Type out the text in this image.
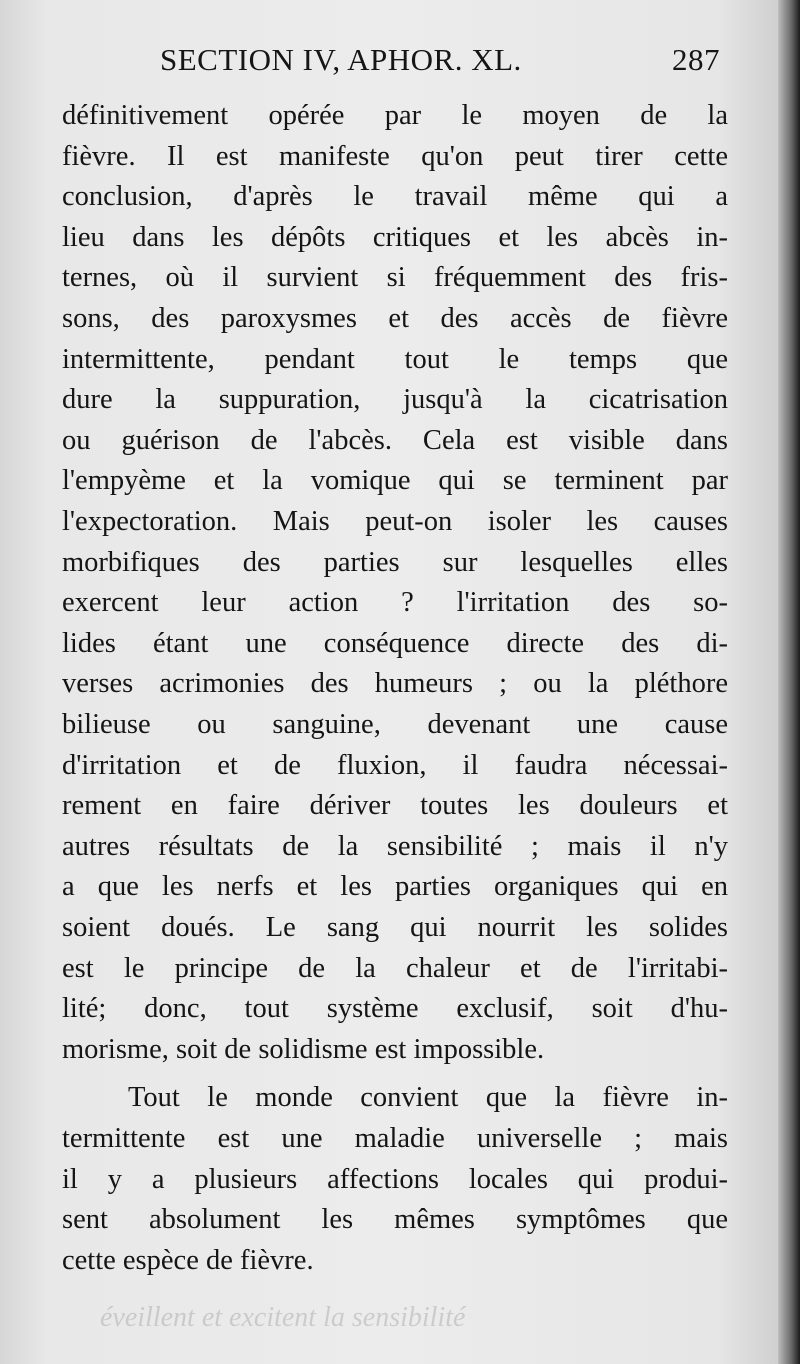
SECTION IV, APHOR. XL.	287
définitivement opérée par le moyen de la
fièvre. Il est manifeste qu'on peut tirer cette
conclusion, d'après le travail même qui a
lieu dans les dépôts critiques et les abcès in-
ternes, où il survient si fréquemment des fris-
sons, des paroxysmes et des accès de fièvre
intermittente, pendant tout le temps que
dure la suppuration, jusqu'à la cicatrisation
ou guérison de l'abcès. Cela est visible dans
l'empyème et la vomique qui se terminent par
l'expectoration. Mais peut-on isoler les causes
morbifiques des parties sur lesquelles elles
exercent leur action ? l'irritation des so-
lides étant une conséquence directe des di-
verses acrimonies des humeurs ; ou la pléthore
bilieuse ou sanguine, devenant une cause
d'irritation et de fluxion, il faudra nécessai-
rement en faire dériver toutes les douleurs et
autres résultats de la sensibilité ; mais il n'y
a que les nerfs et les parties organiques qui en
soient doués. Le sang qui nourrit les solides
est le principe de la chaleur et de l'irritabi-
lité; donc, tout système exclusif, soit d'hu-
morisme, soit de solidisme est impossible.
Tout le monde convient que la fièvre in-
termittente est une maladie universelle ; mais
il y a plusieurs affections locales qui produi-
sent absolument les mêmes symptômes que
cette espèce de fièvre.
éveillent et excitent la sensibilité
